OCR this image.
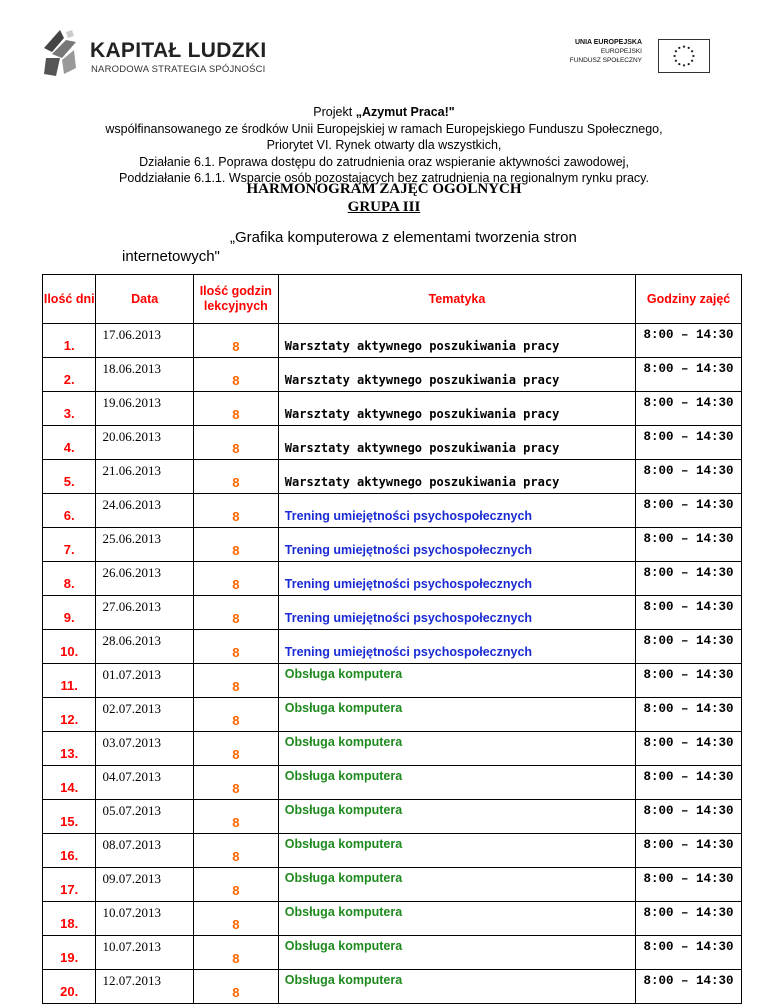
KAPITAŁ LUDZKI
NARODOWA STRATEGIA SPÓJNOŚCI
UNIA EUROPEJSKA
EUROPEJSKI
FUNDUSZ SPOŁECZNY
Projekt „Azymut Praca!"
współfinansowanego ze środków Unii Europejskiej w ramach Europejskiego Funduszu Społecznego,
Priorytet VI. Rynek otwarty dla wszystkich,
Działanie 6.1. Poprawa dostępu do zatrudnienia oraz wspieranie aktywności zawodowej,
Poddziałanie 6.1.1. Wsparcie osób pozostających bez zatrudnienia na regionalnym rynku pracy.
HARMONOGRAM ZAJĘĆ OGÓLNYCH
GRUPA III
„Grafika komputerowa z elementami tworzenia stron
internetowych"
Ilość dni	Data	Ilość godzin lekcyjnych	Tematyka	Godziny zajęć
1.	17.06.2013	8	Warsztaty aktywnego poszukiwania pracy	8:00 – 14:30
2.	18.06.2013	8	Warsztaty aktywnego poszukiwania pracy	8:00 – 14:30
3.	19.06.2013	8	Warsztaty aktywnego poszukiwania pracy	8:00 – 14:30
4.	20.06.2013	8	Warsztaty aktywnego poszukiwania pracy	8:00 – 14:30
5.	21.06.2013	8	Warsztaty aktywnego poszukiwania pracy	8:00 – 14:30
6.	24.06.2013	8	Trening umiejętności psychospołecznych	8:00 – 14:30
7.	25.06.2013	8	Trening umiejętności psychospołecznych	8:00 – 14:30
8.	26.06.2013	8	Trening umiejętności psychospołecznych	8:00 – 14:30
9.	27.06.2013	8	Trening umiejętności psychospołecznych	8:00 – 14:30
10.	28.06.2013	8	Trening umiejętności psychospołecznych	8:00 – 14:30
11.	01.07.2013	8	Obsługa komputera	8:00 – 14:30
12.	02.07.2013	8	Obsługa komputera	8:00 – 14:30
13.	03.07.2013	8	Obsługa komputera	8:00 – 14:30
14.	04.07.2013	8	Obsługa komputera	8:00 – 14:30
15.	05.07.2013	8	Obsługa komputera	8:00 – 14:30
16.	08.07.2013	8	Obsługa komputera	8:00 – 14:30
17.	09.07.2013	8	Obsługa komputera	8:00 – 14:30
18.	10.07.2013	8	Obsługa komputera	8:00 – 14:30
19.	10.07.2013	8	Obsługa komputera	8:00 – 14:30
20.	12.07.2013	8	Obsługa komputera	8:00 – 14:30
